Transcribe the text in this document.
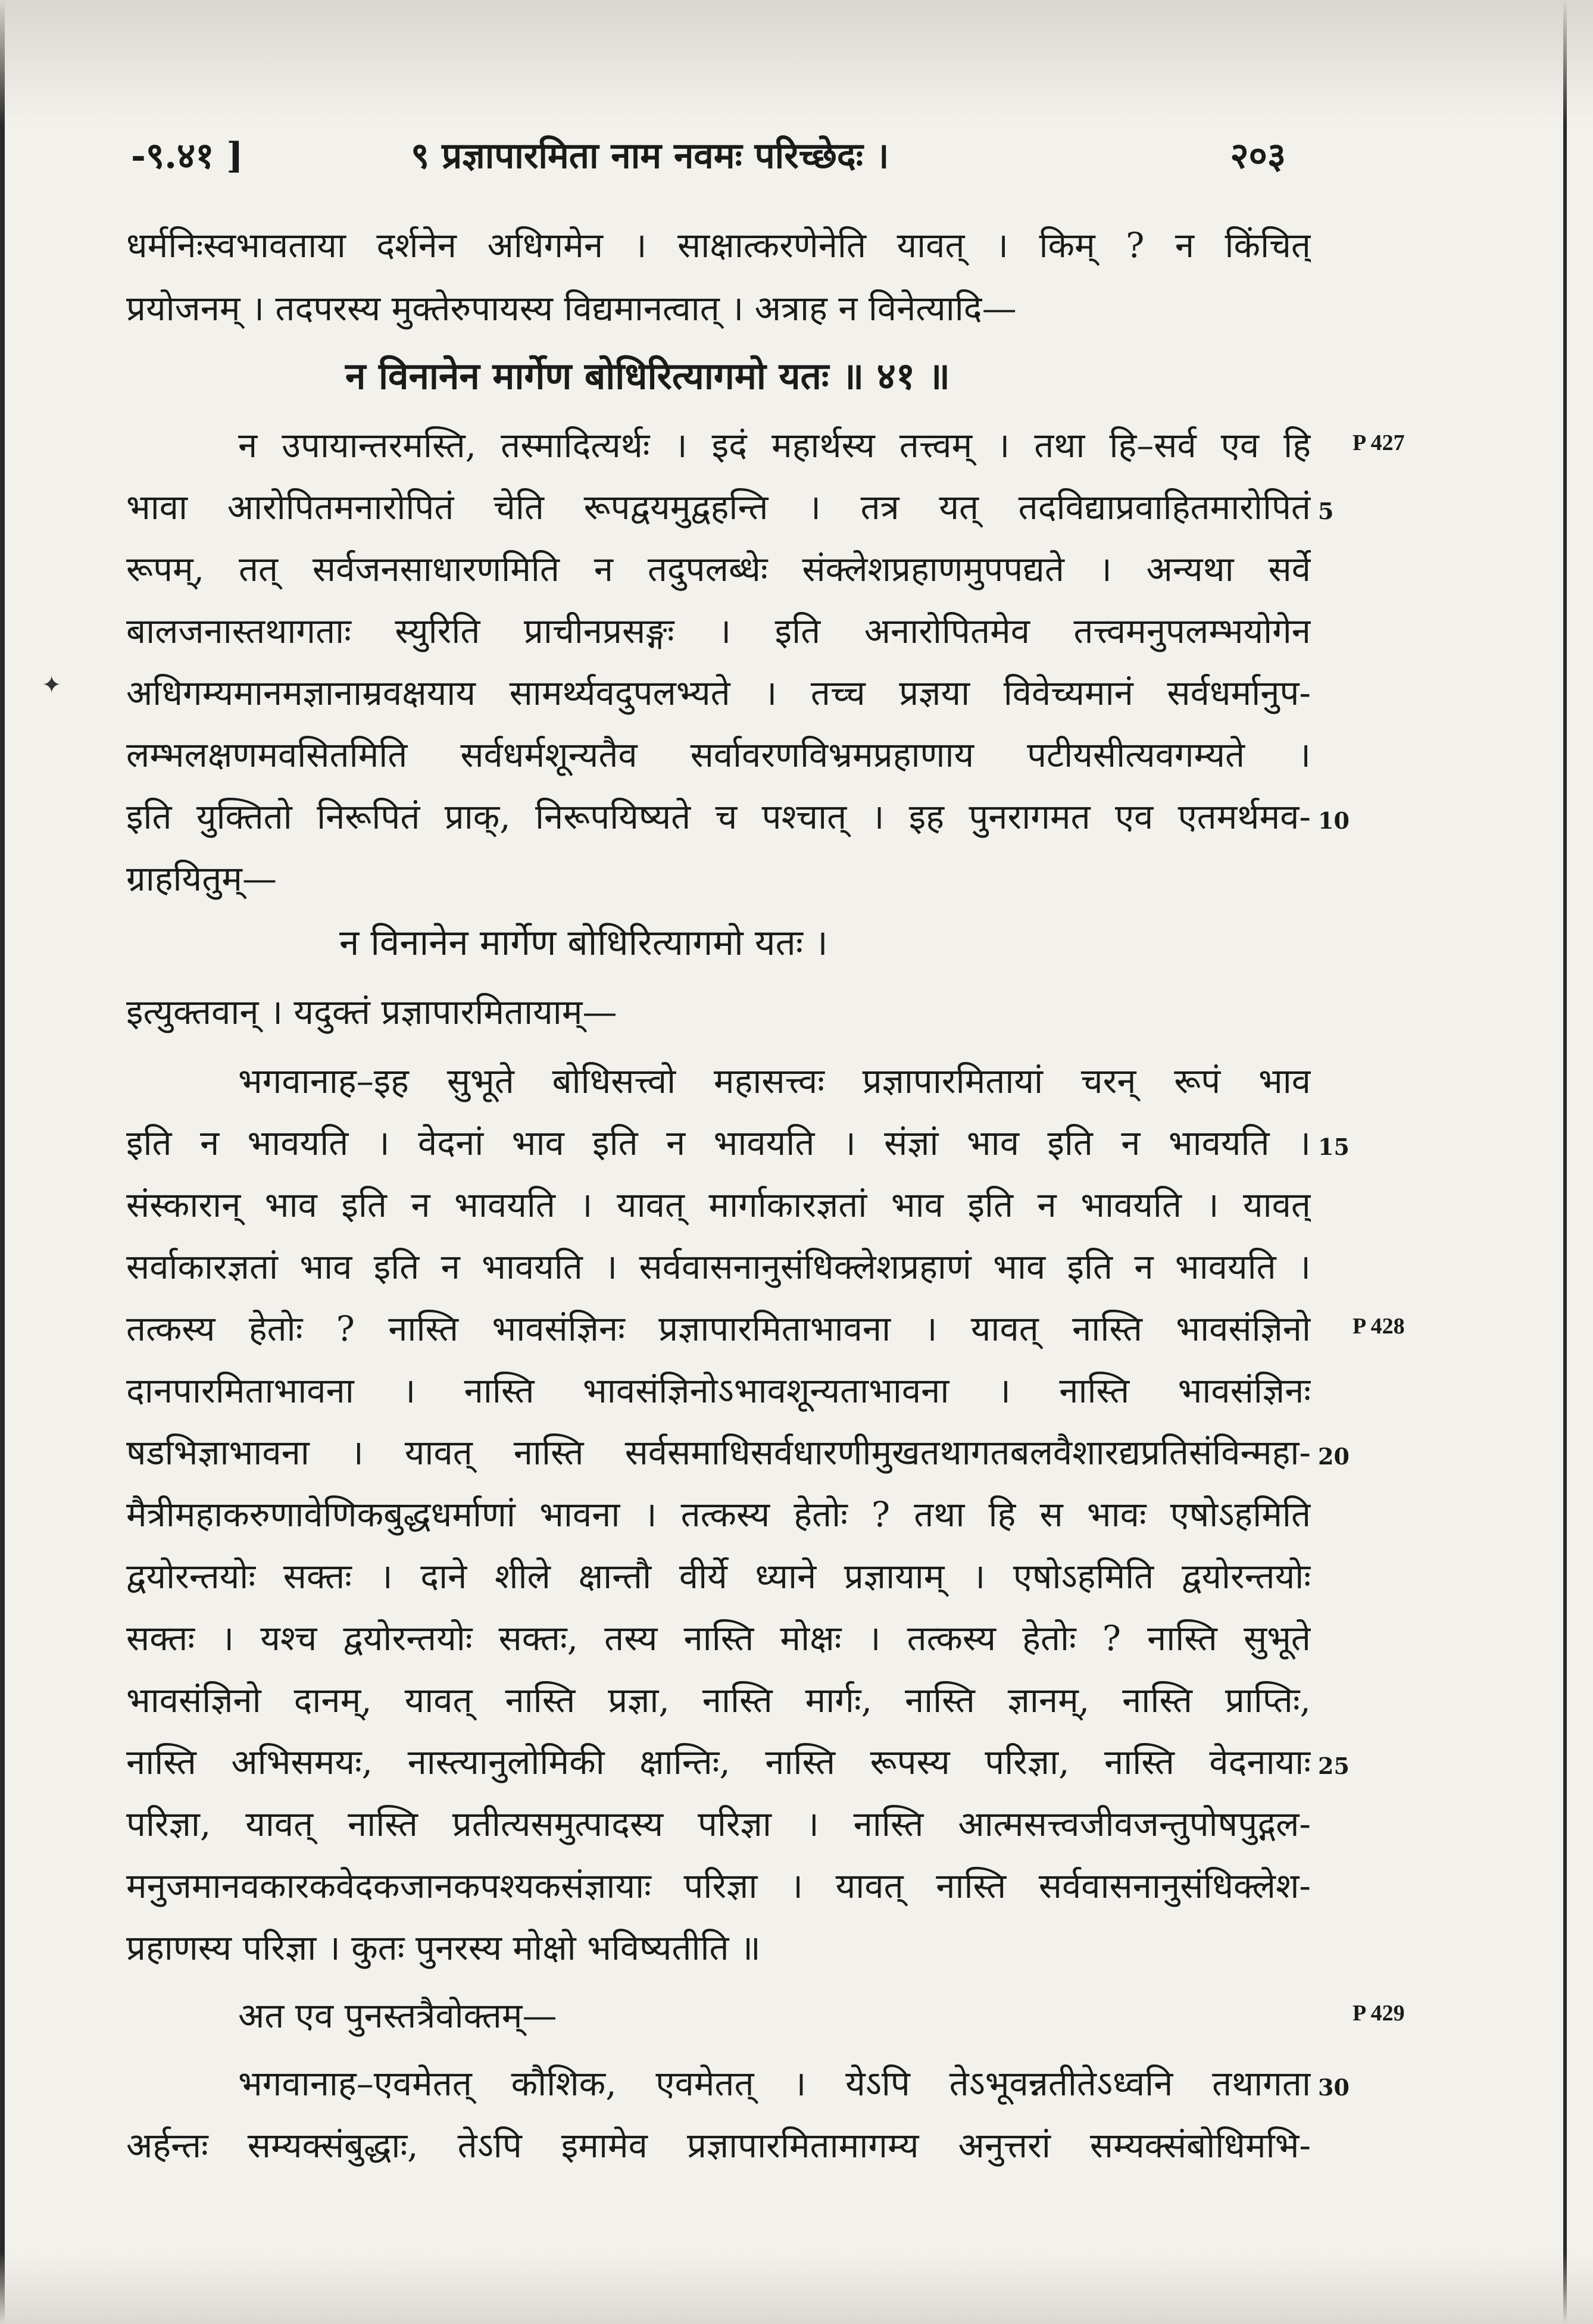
-९.४१ ]	९ प्रज्ञापारमिता नाम नवमः परिच्छेदः ।	२०३
धर्मनिःस्वभावताया दर्शनेन अधिगमेन । साक्षात्करणेनेति यावत् । किम् ? न किंचित्
प्रयोजनम् । तदपरस्य मुक्तेरुपायस्य विद्यमानत्वात् । अत्राह न विनेत्यादि—
न विनानेन मार्गेण बोधिरित्यागमो यतः ॥ ४१ ॥
न उपायान्तरमस्ति, तस्मादित्यर्थः । इदं महार्थस्य तत्त्वम् । तथा हि–सर्व एव हि
भावा आरोपितमनारोपितं चेति रूपद्वयमुद्वहन्ति । तत्र यत् तदविद्याप्रवाहितमारोपितं
रूपम्, तत् सर्वजनसाधारणमिति न तदुपलब्धेः संक्लेशप्रहाणमुपपद्यते । अन्यथा सर्वे
बालजनास्तथागताः स्युरिति प्राचीनप्रसङ्गः । इति अनारोपितमेव तत्त्वमनुपलम्भयोगेन
अधिगम्यमानमज्ञानाम्रवक्षयाय सामर्थ्यवदुपलभ्यते । तच्च प्रज्ञया विवेच्यमानं सर्वधर्मानुप-
लम्भलक्षणमवसितमिति सर्वधर्मशून्यतैव सर्वावरणविभ्रमप्रहाणाय पटीयसीत्यवगम्यते ।
इति युक्तितो निरूपितं प्राक्, निरूपयिष्यते च पश्चात् । इह पुनरागमत एव एतमर्थमव-
ग्राहयितुम्—
न विनानेन मार्गेण बोधिरित्यागमो यतः ।
इत्युक्तवान् । यदुक्तं प्रज्ञापारमितायाम्—
भगवानाह–इह सुभूते बोधिसत्त्वो महासत्त्वः प्रज्ञापारमितायां चरन् रूपं भाव
इति न भावयति । वेदनां भाव इति न भावयति । संज्ञां भाव इति न भावयति ।
संस्कारान् भाव इति न भावयति । यावत् मार्गाकारज्ञतां भाव इति न भावयति । यावत्
सर्वाकारज्ञतां भाव इति न भावयति । सर्ववासनानुसंधिक्लेशप्रहाणं भाव इति न भावयति ।
तत्कस्य हेतोः ? नास्ति भावसंज्ञिनः प्रज्ञापारमिताभावना । यावत् नास्ति भावसंज्ञिनो
दानपारमिताभावना । नास्ति भावसंज्ञिनोऽभावशून्यताभावना । नास्ति भावसंज्ञिनः
षडभिज्ञाभावना । यावत् नास्ति सर्वसमाधिसर्वधारणीमुखतथागतबलवैशारद्यप्रतिसंविन्महा-
मैत्रीमहाकरुणावेणिकबुद्धधर्माणां भावना । तत्कस्य हेतोः ? तथा हि स भावः एषोऽहमिति
द्वयोरन्तयोः सक्तः । दाने शीले क्षान्तौ वीर्ये ध्याने प्रज्ञायाम् । एषोऽहमिति द्वयोरन्तयोः
सक्तः । यश्च द्वयोरन्तयोः सक्तः, तस्य नास्ति मोक्षः । तत्कस्य हेतोः ? नास्ति सुभूते
भावसंज्ञिनो दानम्, यावत् नास्ति प्रज्ञा, नास्ति मार्गः, नास्ति ज्ञानम्, नास्ति प्राप्तिः,
नास्ति अभिसमयः, नास्त्यानुलोमिकी क्षान्तिः, नास्ति रूपस्य परिज्ञा, नास्ति वेदनायाः
परिज्ञा, यावत् नास्ति प्रतीत्यसमुत्पादस्य परिज्ञा । नास्ति आत्मसत्त्वजीवजन्तुपोषपुद्गल-
मनुजमानवकारकवेदकजानकपश्यकसंज्ञायाः परिज्ञा । यावत् नास्ति सर्ववासनानुसंधिक्लेश-
प्रहाणस्य परिज्ञा । कुतः पुनरस्य मोक्षो भविष्यतीति ॥
अत एव पुनस्तत्रैवोक्तम्—
भगवानाह–एवमेतत् कौशिक, एवमेतत् । येऽपि तेऽभूवन्नतीतेऽध्वनि तथागता
अर्हन्तः सम्यक्संबुद्धाः, तेऽपि इमामेव प्रज्ञापारमितामागम्य अनुत्तरां सम्यक्संबोधिमभि-
5
10
15
20
25
30
P 427
P 428
P 429
✦
